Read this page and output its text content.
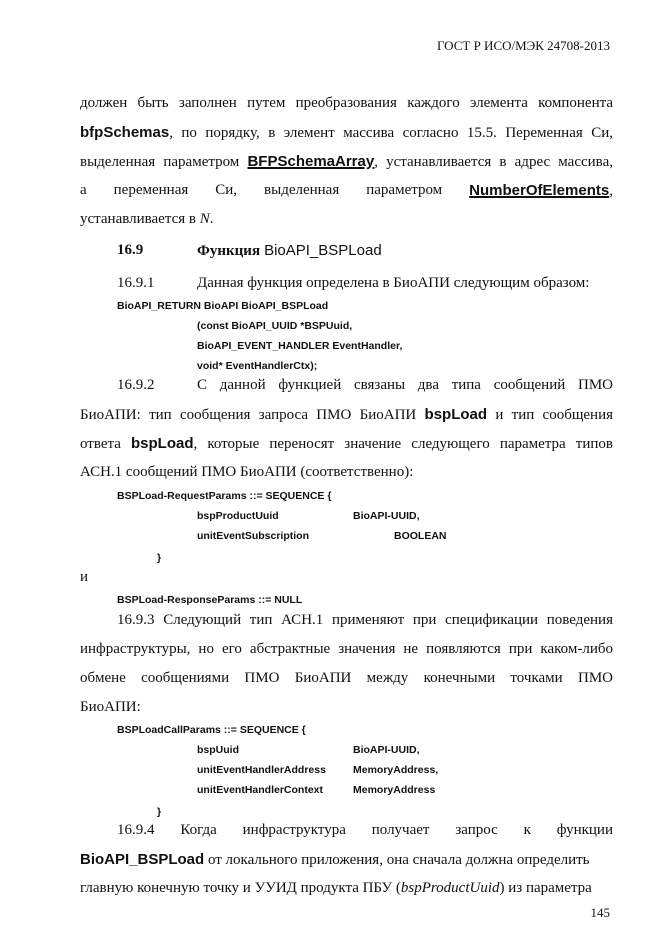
ГОСТ Р ИСО/МЭК 24708-2013
должен быть заполнен путем преобразования каждого элемента компонента
bfpSchemas, по порядку, в элемент массива согласно 15.5. Переменная Си,
выделенная параметром BFPSchemaArray, устанавливается в адрес массива,
а переменная Си, выделенная параметром NumberOfElements,
устанавливается в N.
16.9	Функция BioAPI_BSPLoad
16.9.1	Данная функция определена в БиоАПИ следующим образом:
BioAPI_RETURN BioAPI BioAPI_BSPLoad
(const BioAPI_UUID *BSPUuid,
BioAPI_EVENT_HANDLER EventHandler,
void* EventHandlerCtx);
16.9.2	С данной функцией связаны два типа сообщений ПМО
БиоАПИ: тип сообщения запроса ПМО БиоАПИ bspLoad и тип сообщения
ответа bspLoad, которые переносят значение следующего параметра типов
АСН.1 сообщений ПМО БиоАПИ (соответственно):
BSPLoad-RequestParams ::= SEQUENCE {
bspProductUuid	BioAPI-UUID,
unitEventSubscription	BOOLEAN
}
и
BSPLoad-ResponseParams ::= NULL
16.9.3 Следующий тип АСН.1 применяют при спецификации поведения
инфраструктуры, но его абстрактные значения не появляются при каком-либо
обмене сообщениями ПМО БиоАПИ между конечными точками ПМО
БиоАПИ:
BSPLoadCallParams ::= SEQUENCE {
bspUuid	BioAPI-UUID,
unitEventHandlerAddress	MemoryAddress,
unitEventHandlerContext	MemoryAddress
}
16.9.4 Когда инфраструктура получает запрос к функции
BioAPI_BSPLoad от локального приложения, она сначала должна определить
главную конечную точку и УУИД продукта ПБУ (bspProductUuid) из параметра
145
